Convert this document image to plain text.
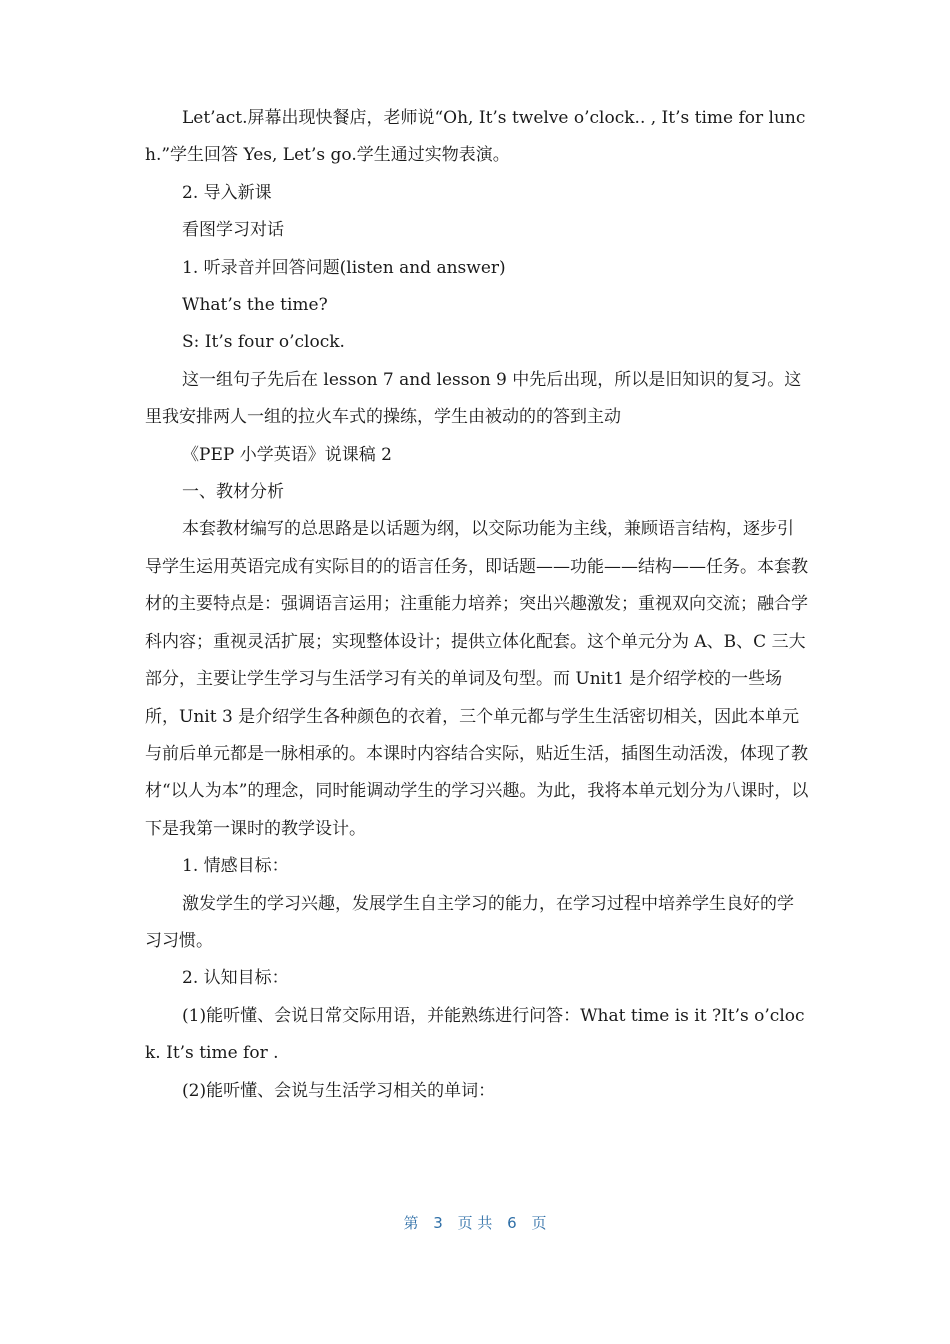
Let’act.屏幕出现快餐店，老师说“Oh, It’s twelve o’clock.. , It’s time for lunch.”学生回答 Yes, Let’s go.学生通过实物表演。

2. 导入新课

看图学习对话

1. 听录音并回答问题(listen and answer)

What’s the time?

S: It’s four o’clock.

这一组句子先后在 lesson 7 and lesson 9 中先后出现，所以是旧知识的复习。这里我安排两人一组的拉火车式的操练，学生由被动的的答到主动

《PEP 小学英语》说课稿 2

一、教材分析

本套教材编写的总思路是以话题为纲，以交际功能为主线，兼顾语言结构，逐步引导学生运用英语完成有实际目的的语言任务，即话题——功能——结构——任务。本套教材的主要特点是：强调语言运用；注重能力培养；突出兴趣激发；重视双向交流；融合学科内容；重视灵活扩展；实现整体设计；提供立体化配套。这个单元分为 A、B、C 三大部分，主要让学生学习与生活学习有关的单词及句型。而 Unit1 是介绍学校的一些场所，Unit 3 是介绍学生各种颜色的衣着，三个单元都与学生生活密切相关，因此本单元与前后单元都是一脉相承的。本课时内容结合实际，贴近生活，插图生动活泼，体现了教材“以人为本”的理念，同时能调动学生的学习兴趣。为此，我将本单元划分为八课时，以下是我第一课时的教学设计。

1. 情感目标：

激发学生的学习兴趣，发展学生自主学习的能力，在学习过程中培养学生良好的学习习惯。

2. 认知目标：

(1)能听懂、会说日常交际用语，并能熟练进行问答：What time is it ?It’s o’clock. It’s time for .

(2)能听懂、会说与生活学习相关的单词：

第 3 页 共 6 页
